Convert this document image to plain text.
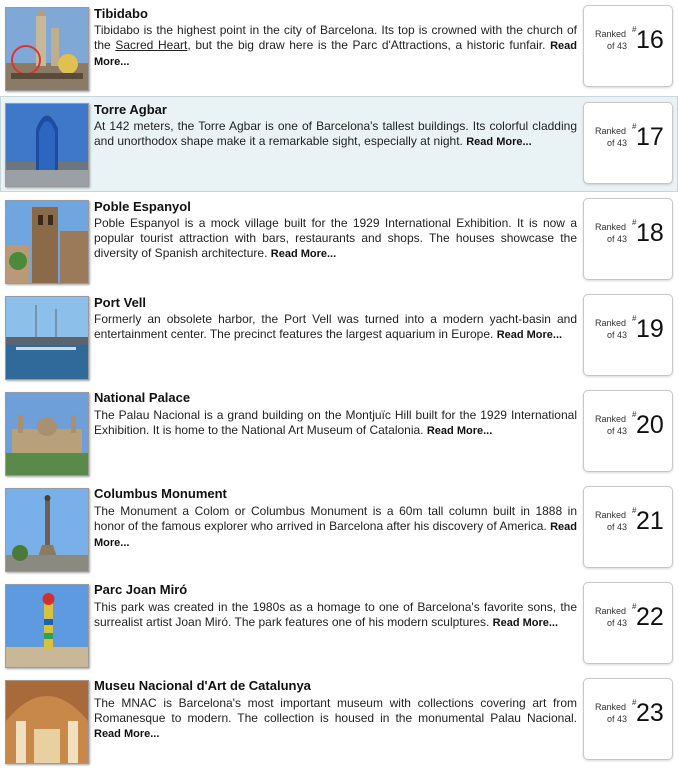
Tibidabo
Tibidabo is the highest point in the city of Barcelona. Its top is crowned with the church of the Sacred Heart, but the big draw here is the Parc d'Attractions, a historic funfair. Read More...
Ranked
of 43
# 16
Torre Agbar
At 142 meters, the Torre Agbar is one of Barcelona's tallest buildings. Its colorful cladding and unorthodox shape make it a remarkable sight, especially at night. Read More...
Ranked
of 43
# 17
Poble Espanyol
Poble Espanyol is a mock village built for the 1929 International Exhibition. It is now a popular tourist attraction with bars, restaurants and shops. The houses showcase the diversity of Spanish architecture. Read More...
Ranked
of 43
# 18
Port Vell
Formerly an obsolete harbor, the Port Vell was turned into a modern yacht-basin and entertainment center. The precinct features the largest aquarium in Europe. Read More...
Ranked
of 43
# 19
National Palace
The Palau Nacional is a grand building on the Montjuïc Hill built for the 1929 International Exhibition. It is home to the National Art Museum of Catalonia. Read More...
Ranked
of 43
# 20
Columbus Monument
The Monument a Colom or Columbus Monument is a 60m tall column built in 1888 in honor of the famous explorer who arrived in Barcelona after his discovery of America. Read More...
Ranked
of 43
# 21
Parc Joan Miró
This park was created in the 1980s as a homage to one of Barcelona's favorite sons, the surrealist artist Joan Miró. The park features one of his modern sculptures. Read More...
Ranked
of 43
# 22
Museu Nacional d'Art de Catalunya
The MNAC is Barcelona's most important museum with collections covering art from Romanesque to modern. The collection is housed in the monumental Palau Nacional. Read More...
Ranked
of 43
# 23
